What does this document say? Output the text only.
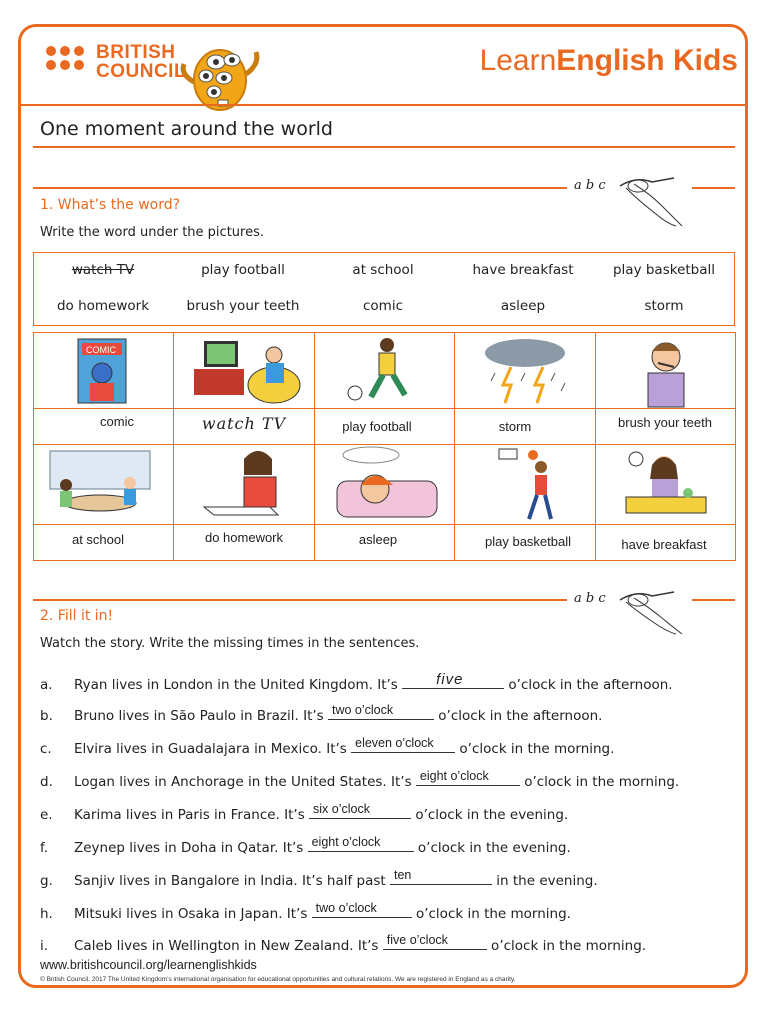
BRITISH
COUNCIL	LearnEnglish Kids
One moment around the world
a b c
1. What’s the word?
Write the word under the pictures.
watch TV	play football	at school	have breakfast	play basketball
do homework	brush your teeth	comic	asleep	storm
COMIC
comic	watch TV	play football	storm	brush your teeth
at school	do homework	asleep	play basketball	have breakfast
a b c
2. Fill it in!
Watch the story. Write the missing times in the sentences.
a. Ryan lives in London in the United Kingdom. It’s five	o’clock in the afternoon.
b. Bruno lives in São Paulo in Brazil. It’s two o’clock	o’clock in the afternoon.
c. Elvira lives in Guadalajara in Mexico. It’s eleven o’clock o’clock in the morning.
d. Logan lives in Anchorage in the United States. It’s eight o’clock o’clock in the morning.
e. Karima lives in Paris in France. It’s six o’clock	o’clock in the evening.
f. Zeynep lives in Doha in Qatar. It’s eight o’clock o’clock in the evening.
g. Sanjiv lives in Bangalore in India. It’s half past ten	in the evening.
h. Mitsuki lives in Osaka in Japan. It’s two o’clock	o’clock in the morning.
i. Caleb lives in Wellington in New Zealand. It’s five o’clock	o’clock in the morning.
www.britishcouncil.org/learnenglishkids
© British Council, 2017 The United Kingdom’s international organisation for educational opportunities and cultural relations. We are registered in England as a charity.
